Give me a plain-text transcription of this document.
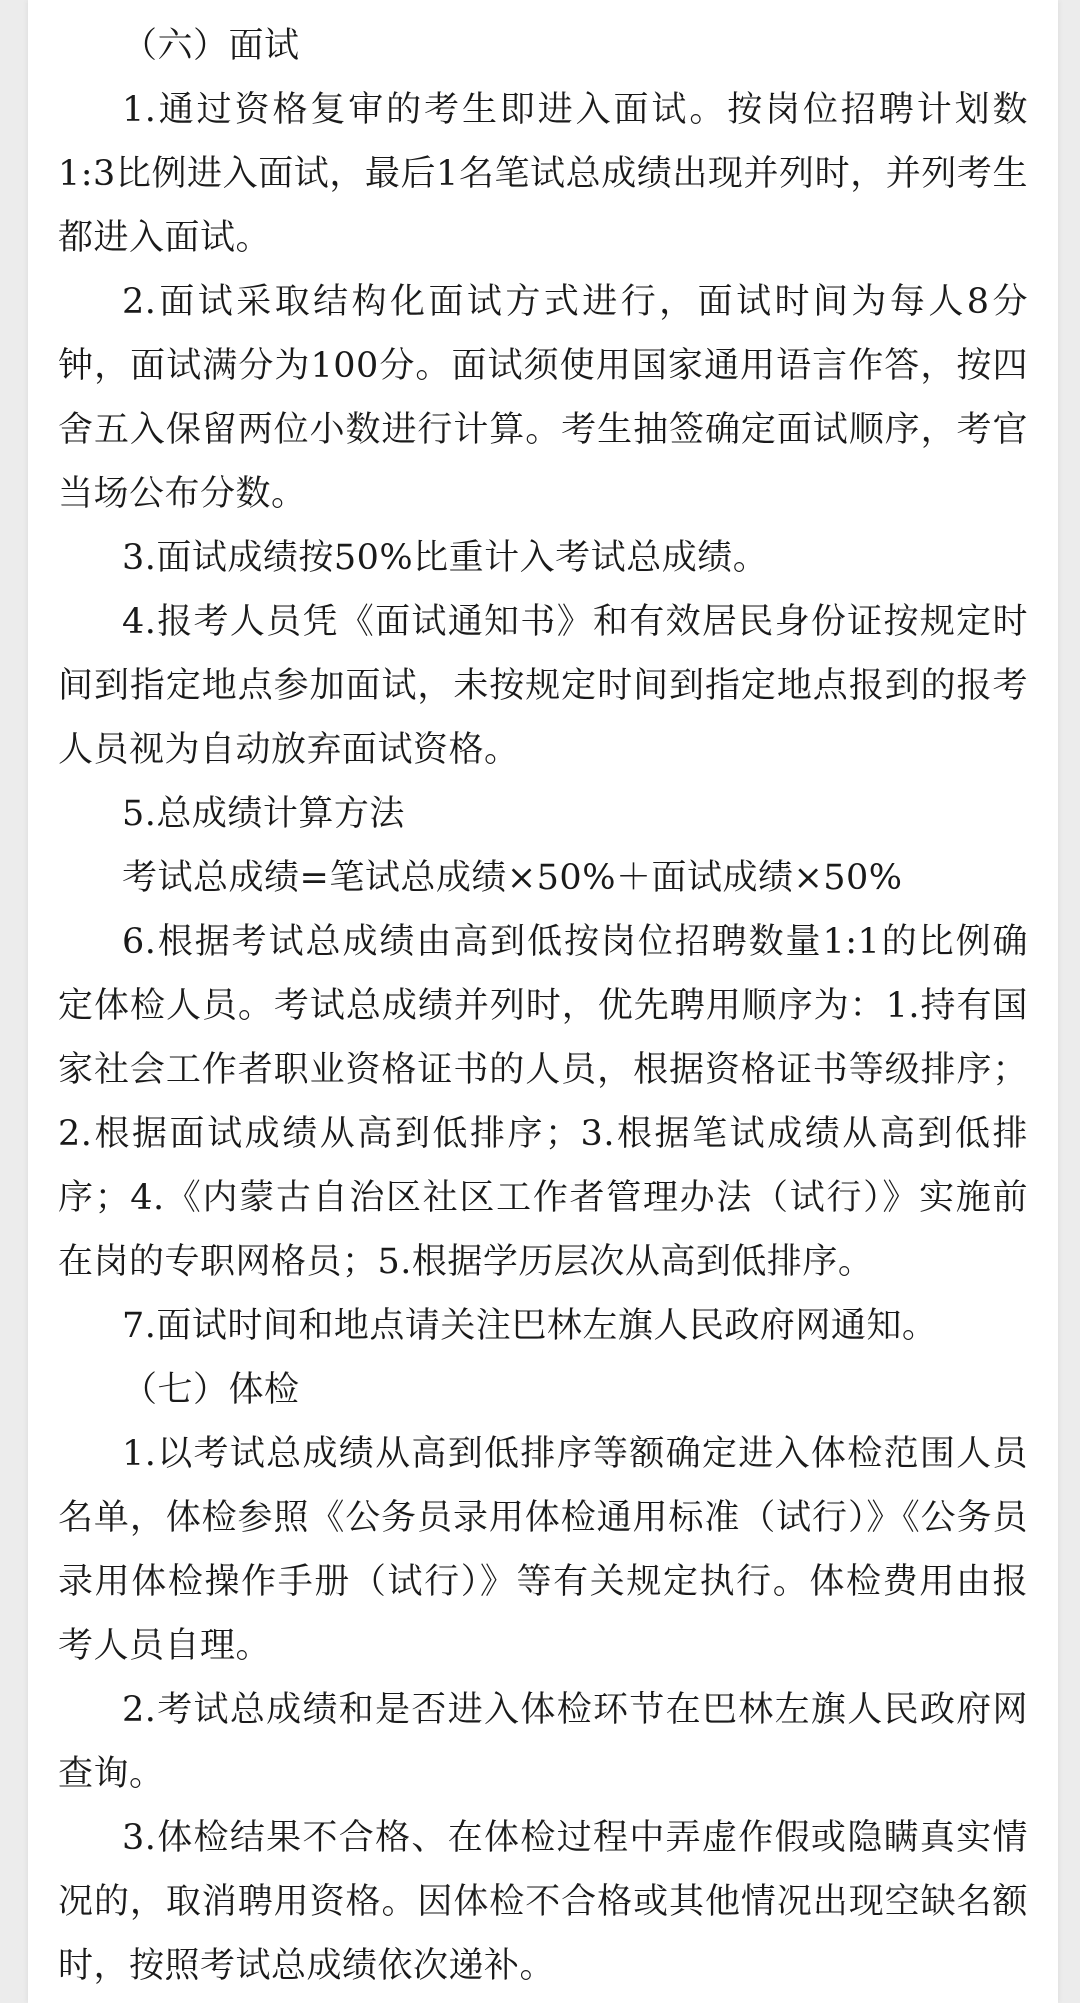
（六）面试

1.通过资格复审的考生即进入面试。按岗位招聘计划数1:3比例进入面试，最后1名笔试总成绩出现并列时，并列考生都进入面试。

2.面试采取结构化面试方式进行，面试时间为每人8分钟，面试满分为100分。面试须使用国家通用语言作答，按四舍五入保留两位小数进行计算。考生抽签确定面试顺序，考官当场公布分数。

3.面试成绩按50%比重计入考试总成绩。

4.报考人员凭《面试通知书》和有效居民身份证按规定时间到指定地点参加面试，未按规定时间到指定地点报到的报考人员视为自动放弃面试资格。

5.总成绩计算方法

考试总成绩=笔试总成绩×50%＋面试成绩×50%

6.根据考试总成绩由高到低按岗位招聘数量1:1的比例确定体检人员。考试总成绩并列时，优先聘用顺序为：1.持有国家社会工作者职业资格证书的人员，根据资格证书等级排序；2.根据面试成绩从高到低排序；3.根据笔试成绩从高到低排序；4.《内蒙古自治区社区工作者管理办法（试行）》实施前在岗的专职网格员；5.根据学历层次从高到低排序。

7.面试时间和地点请关注巴林左旗人民政府网通知。

（七）体检

1.以考试总成绩从高到低排序等额确定进入体检范围人员名单，体检参照《公务员录用体检通用标准（试行）》《公务员录用体检操作手册（试行）》等有关规定执行。体检费用由报考人员自理。

2.考试总成绩和是否进入体检环节在巴林左旗人民政府网查询。

3.体检结果不合格、在体检过程中弄虚作假或隐瞒真实情况的，取消聘用资格。因体检不合格或其他情况出现空缺名额时，按照考试总成绩依次递补。
